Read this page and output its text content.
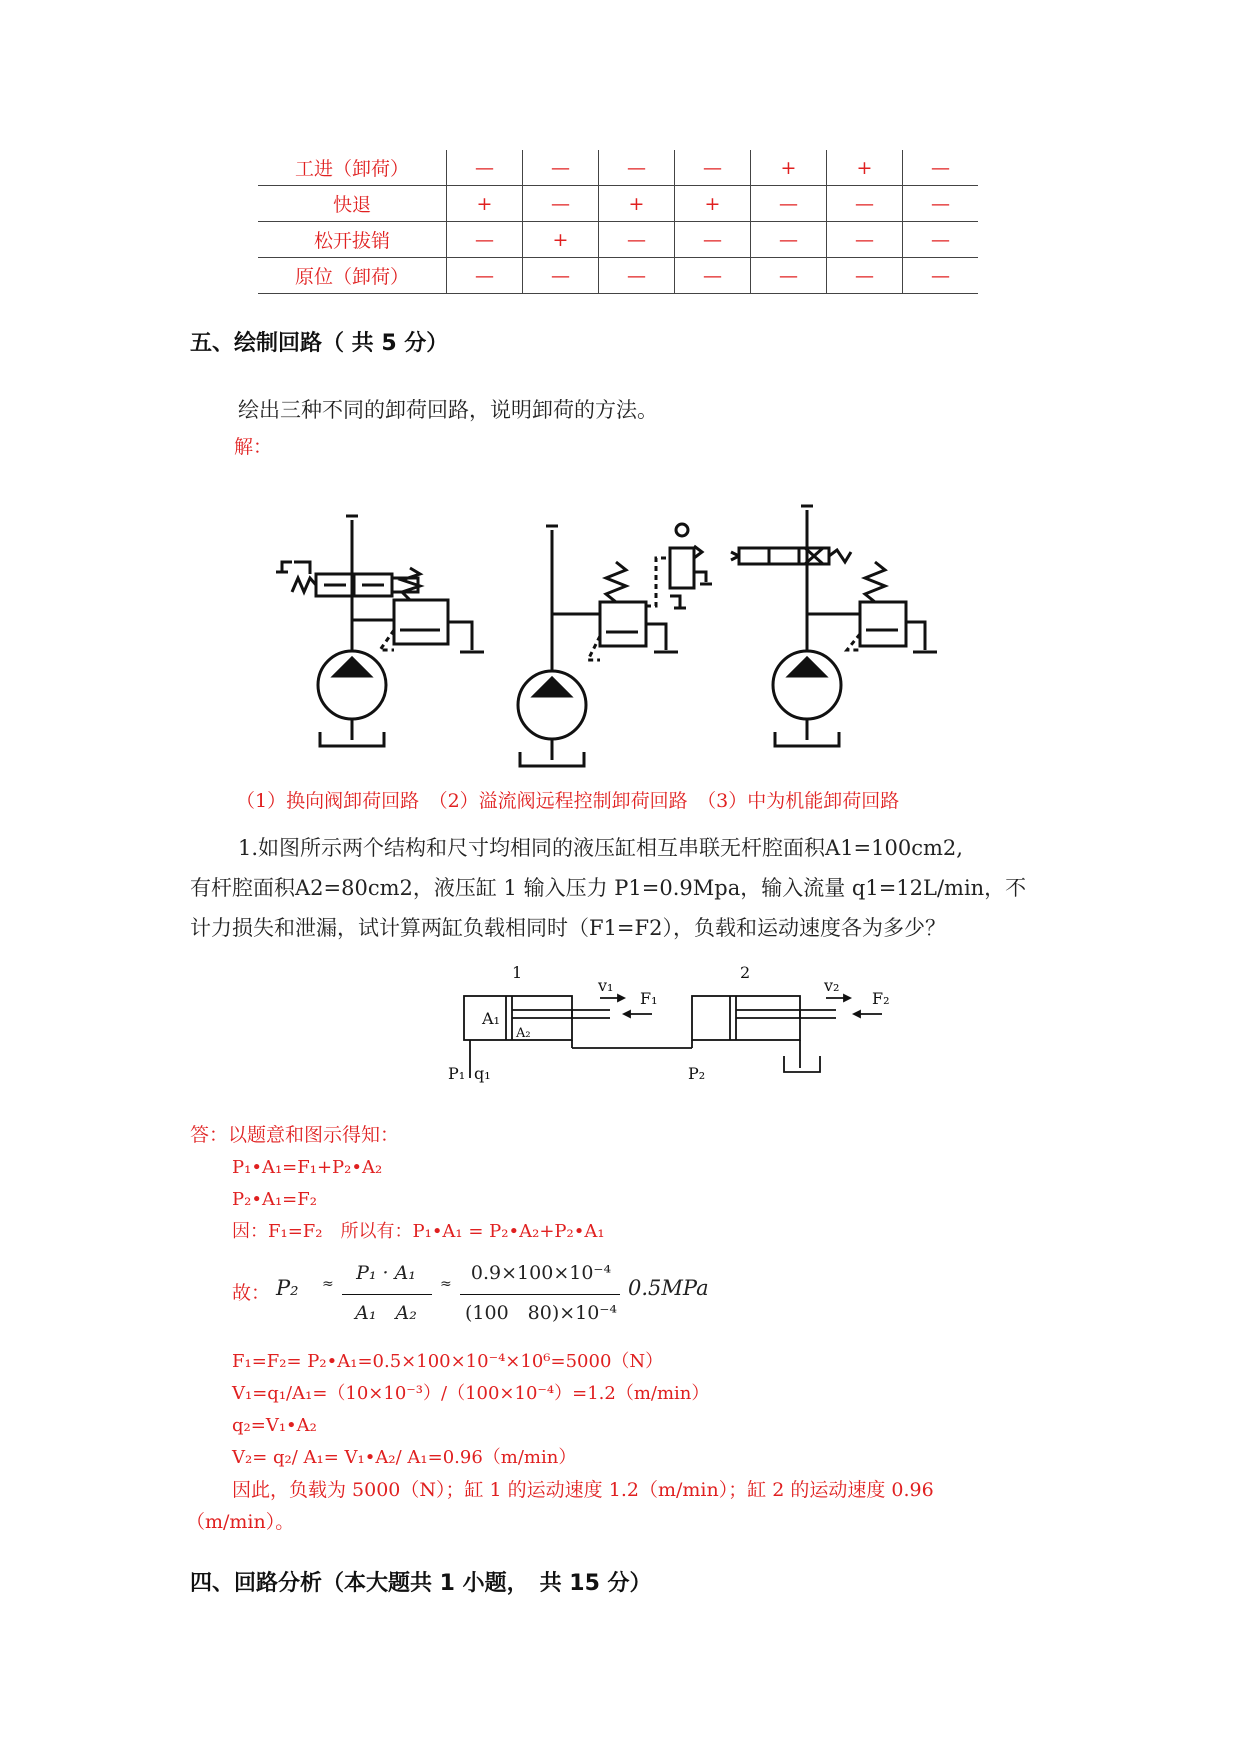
工进（卸荷）	—	—	—	—	+	+	—
快退	+	—	+	+	—	—	—
松开拔销	—	+	—	—	—	—	—
原位（卸荷）	—	—	—	—	—	—	—
五、绘制回路（ 共 5 分）
绘出三种不同的卸荷回路，说明卸荷的方法。
解：
（1）换向阀卸荷回路　（2）溢流阀远程控制卸荷回路　（3）中为机能卸荷回路
1.如图所示两个结构和尺寸均相同的液压缸相互串联无杆腔面积A1=100cm2,
有杆腔面积A2=80cm2，液压缸 1 输入压力 P1=0.9Mpa，输入流量 q1=12L/min，不
计力损失和泄漏，试计算两缸负载相同时（F1=F2），负载和运动速度各为多少？
1	2
v₁
F₁
v₂
F₂
A₁
A₂
P₁ q₁	P₂
答：以题意和图示得知：
P₁•A₁=F₁+P₂•A₂
P₂•A₁=F₂
因：F₁=F₂　所以有：P₁•A₁ = P₂•A₂+P₂•A₁
故： P₂ ≈	P₁ · A₁
A₁　A₂
≈	0.9×100×10⁻⁴
(100　80)×10⁻⁴
0.5MPa
F₁=F₂= P₂•A₁=0.5×100×10⁻⁴×10⁶=5000（N）
V₁=q₁/A₁=（10×10⁻³）/（100×10⁻⁴）=1.2（m/min）
q₂=V₁•A₂
V₂= q₂/ A₁= V₁•A₂/ A₁=0.96（m/min）
因此，负载为 5000（N）；缸 1 的运动速度 1.2（m/min）；缸 2 的运动速度 0.96
（m/min）。
四、回路分析（本大题共 1 小题，　共 15 分）
